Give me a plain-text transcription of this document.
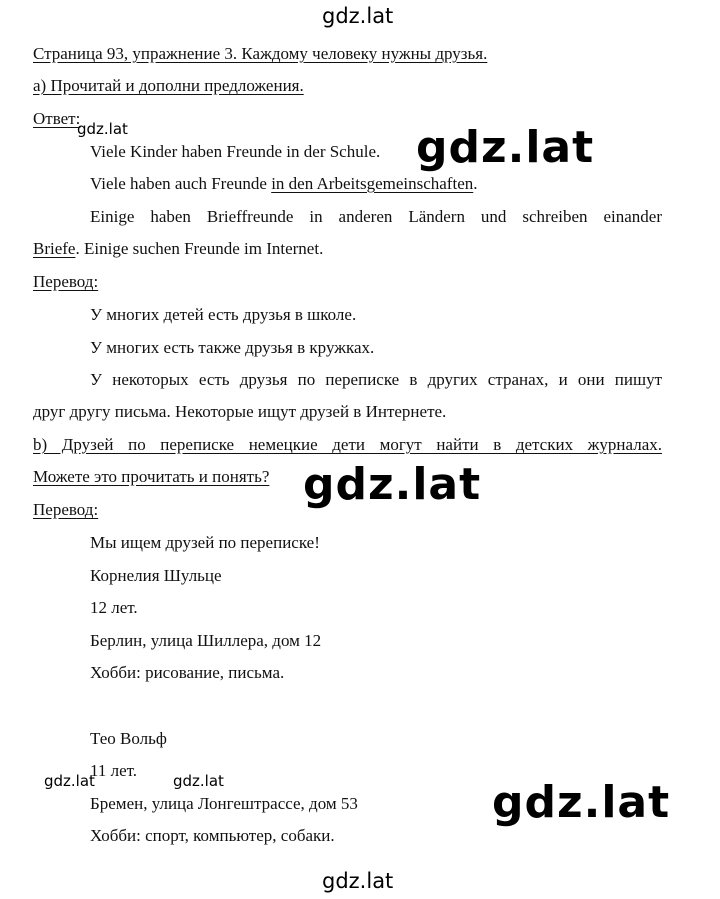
gdz.lat
gdz.lat	gdz.lat
gdz.lat
gdz.lat	gdz.lat	gdz.lat
gdz.lat
Страница 93, упражнение 3. Каждому человеку нужны друзья.
а) Прочитай и дополни предложения.
Ответ:
Viele Kinder haben Freunde in der Schule.
Viele haben auch Freunde in den Arbeitsgemeinschaften.
Einige haben Brieffreunde in anderen Ländern und schreiben einander
Briefe. Einige suchen Freunde im Internet.
Перевод:
У многих детей есть друзья в школе.
У многих есть также друзья в кружках.
У некоторых есть друзья по переписке в других странах, и они пишут
друг другу письма. Некоторые ищут друзей в Интернете.
b) Друзей по переписке немецкие дети могут найти в детских журналах.
Можете это прочитать и понять?
Перевод:
Мы ищем друзей по переписке!
Корнелия Шульце
12 лет.
Берлин, улица Шиллера, дом 12
Хобби: рисование, письма.
Тео Вольф
11 лет.
Бремен, улица Лонгештрассе, дом 53
Хобби: спорт, компьютер, собаки.
